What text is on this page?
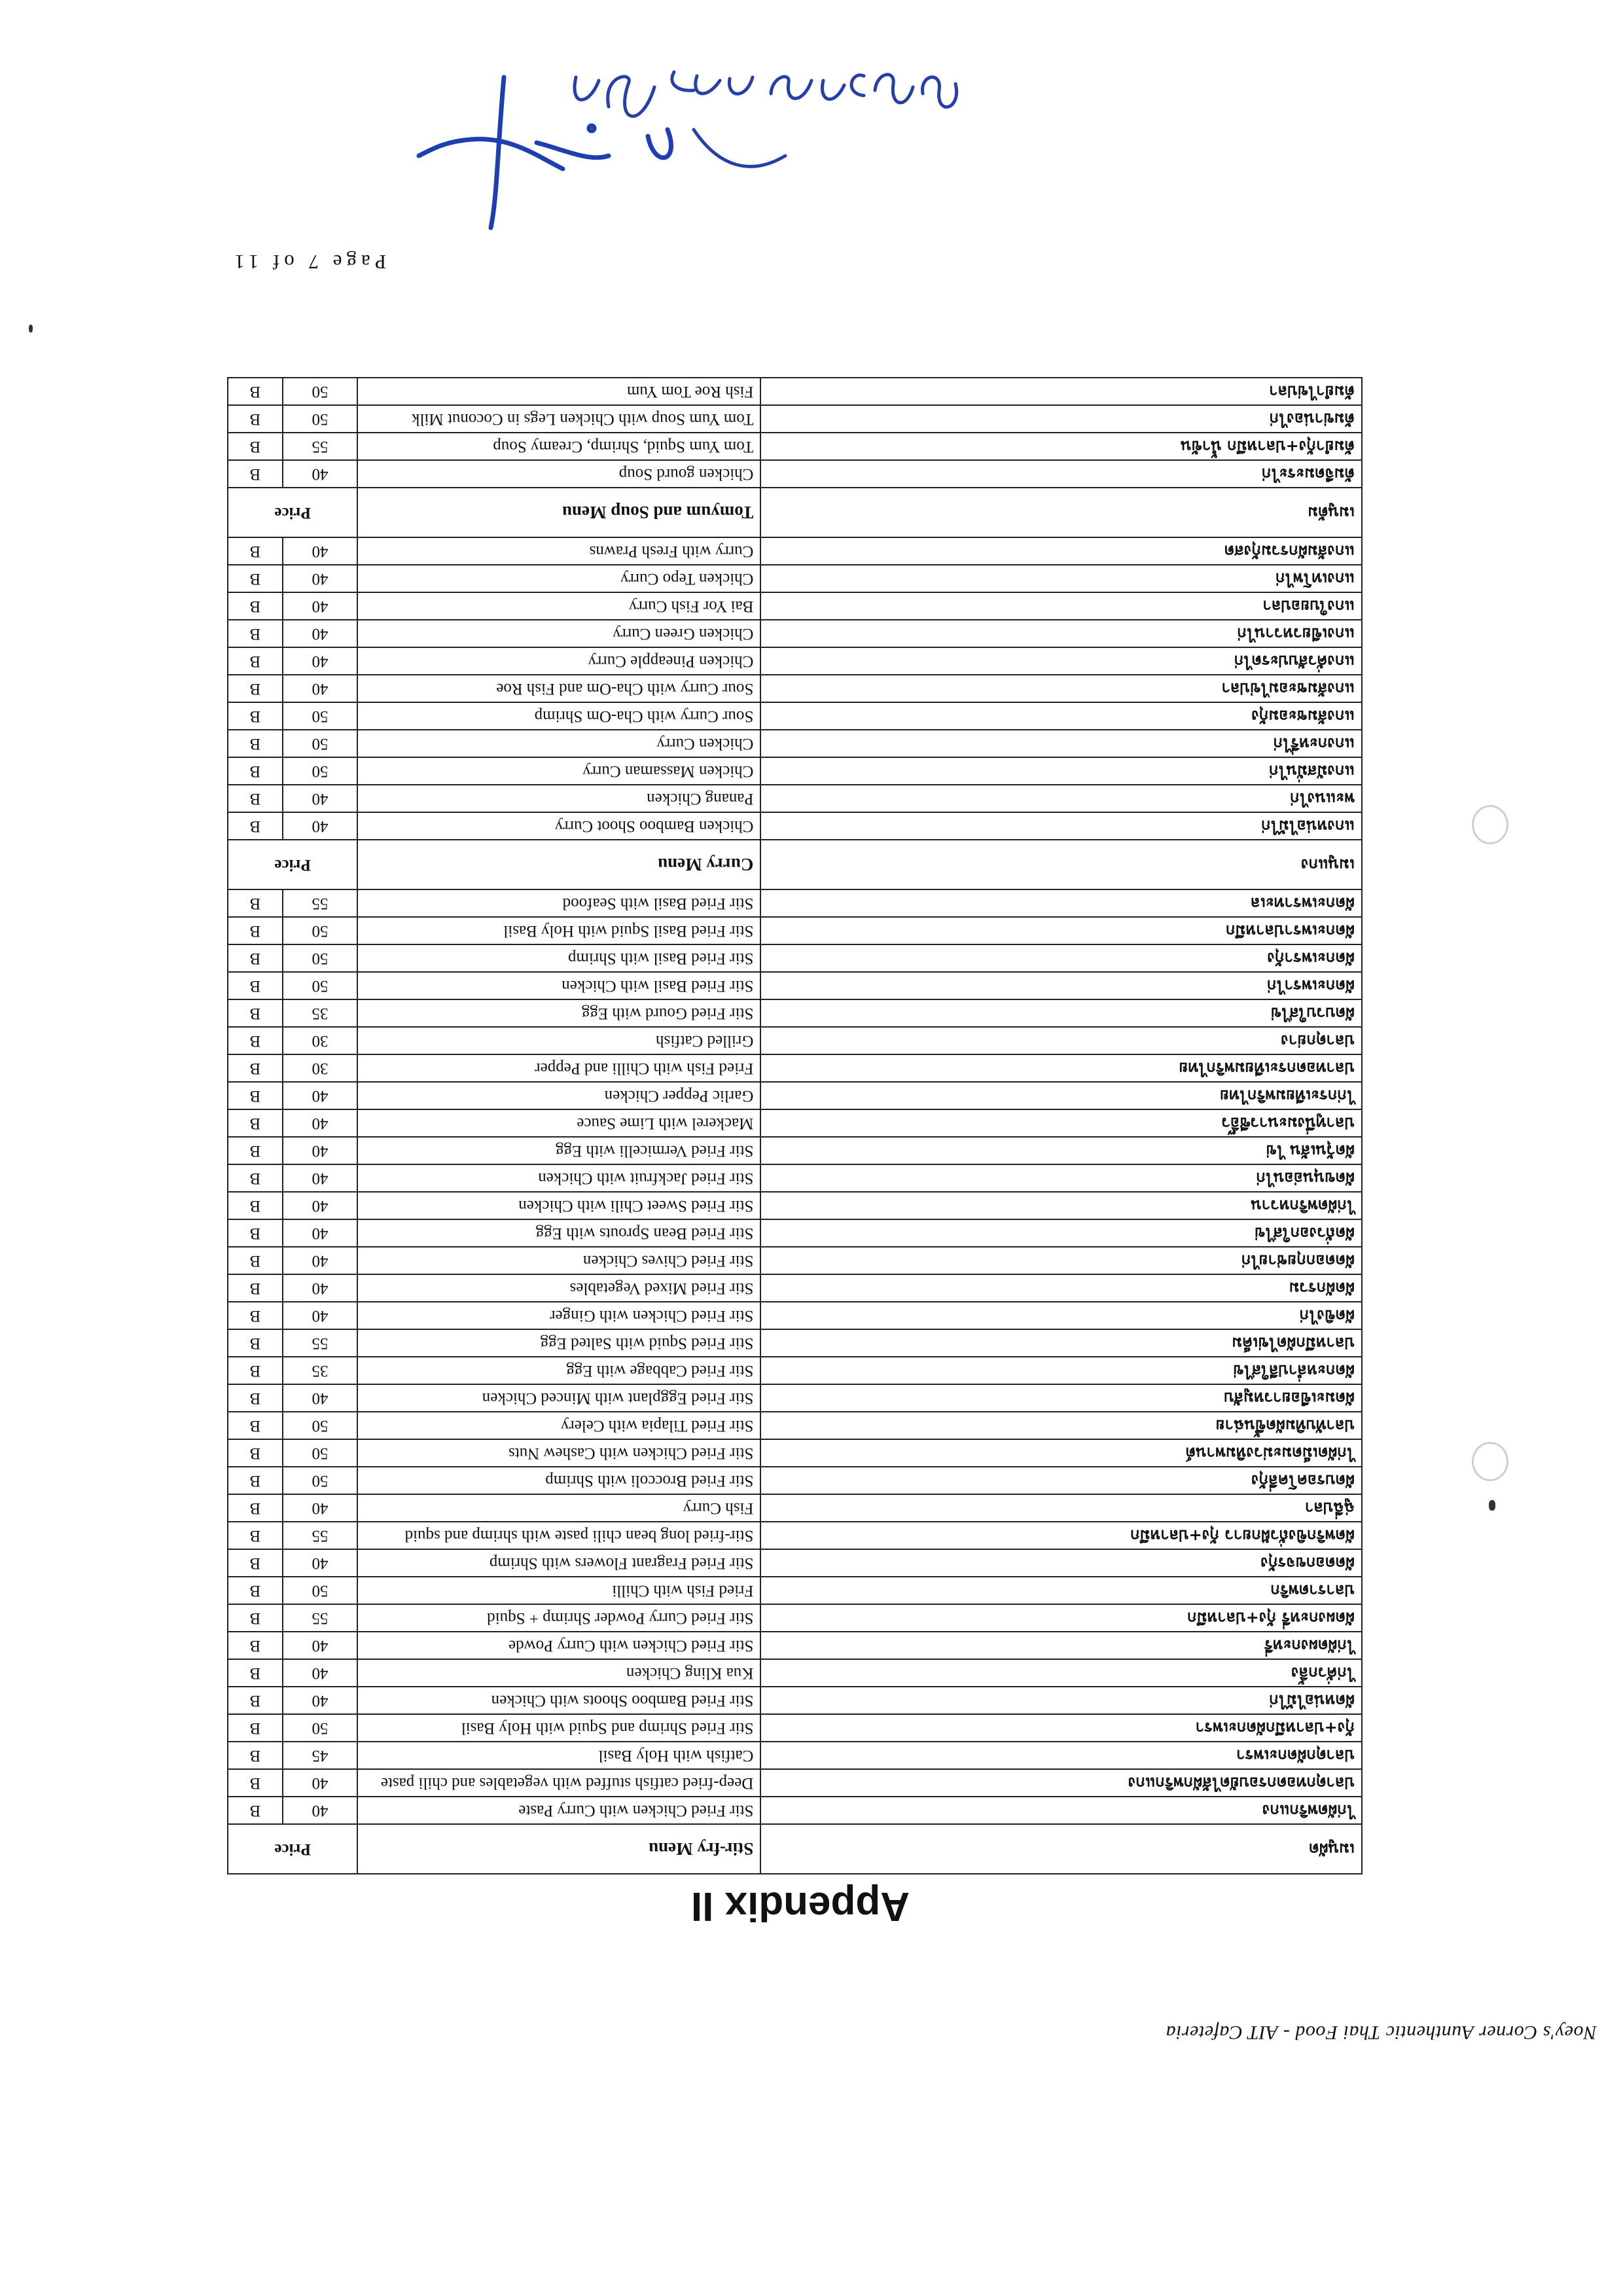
Noey's Corner Aunthentic Thai Food - AIT Cafeteria
Appendix II
เมนูผัด	Stir-fry Menu	Price	
ไก่ผัดพริกแกง	Stir Fried Chicken with Curry Paste	40	B
ปลาดุกทอดกรอบยัดไส้ผักพริกแกง	Deep-fried catfish stuffed with vegetables and chili paste	40	B
ปลาดุกผัดกะเพรา	Catfish with Holy Basil	45	B
กุ้ง+ปลาหมึกผัดกะเพรา	Stir Fried Shrimp and Squid with Holy Basil	50	B
ผัดหน่อไม้ไก่	Stir Fried Bamboo Shoots with Chicken	40	B
ไก่คั่วกลิ้ง	Kua Kling Chicken	40	B
ไก่ผัดผงกะหรี่	Stir Fried Chicken with Curry Powde	40	B
ผัดผงกะหรี่ กุ้ง+ปลาหมึก	Stir Fried Curry Powder Shrimp + Squid	55	B
ปลาราดพริก	Fried Fish with Chilli	50	B
ผัดดอกขจรกุ้ง	Stir Fried Fragrant Flowers with Shrimp	40	B
ผัดพริกขิงถั่วฝักยาว กุ้ง+ปลาหมึก	Stir-fried long bean chili paste with shrimp and squid	55	B
ฉู่ฉี่ปลา	Fish Curry	40	B
ผัดบรอคโคลี่กุ้ง	Stir Fried Broccoli with Shrimp	50	B
ไก่ผัดเม็ดมะม่วงหิมพานต์	Stir Fried Chicken with Cashew Nuts	50	B
ปลาทับทิมผัดขึ้นฉ่าย	Stir Fried Tilapia with Celery	50	B
ผัดมะเขือยาวหมูสับ	Stir Fried Eggplant with Minced Chicken	40	B
ผัดกะหล่ำปลีใส่ไข่	Stir Fried Cabbage with Egg	35	B
ปลาหมึกผัดไข่เค็ม	Stir Fried Squid with Salted Egg	55	B
ผัดขิงไก่	Stir Fried Chicken with Ginger	40	B
ผัดผักรวม	Stir Fried Mixed Vegetables	40	B
ผัดดอกกุยช่ายไก่	Stir Fried Chives Chicken	40	B
ผัดถั่วงอกใส่ไข่	Stir Fried Bean Sprouts with Egg	40	B
ไก่ผัดพริกหวาน	Stir Fried Sweet Chili with Chicken	40	B
ผัดขนุนอ่อนไก่	Stir Fried Jackfruit with Chicken	40	B
ผัดวุ้นเส้น ไข่	Stir Fried Vermicelli with Egg	40	B
ปลาทูนึ่งมะนาวซีอิ๊ว	Mackerel with Lime Sauce	40	B
ไก่กระเทียมพริกไทย	Garlic Pepper Chicken	40	B
ปลาทอดกระเทียมพริกไทย	Fried Fish with Chilli and Pepper	30	B
ปลาดุกย่าง	Grilled Catfish	30	B
ผัดบวบใส่ไข่	Stir Fried Gourd with Egg	35	B
ผัดกะเพราไก่	Stir Fried Basil with Chicken	50	B
ผัดกะเพรากุ้ง	Stir Fried Basil with Shrimp	50	B
ผัดกะเพราปลาหมึก	Stir Fried Basil Squid with Holy Basil	50	B
ผัดกะเพราทะเล	Stir Fried Basil with Seafood	55	B
เมนูแกง	Curry Menu	Price	
แกงหน่อไม้ไก่	Chicken Bamboo Shoot Curry	40	B
พะแนงไก่	Panang Chicken	40	B
แกงมัสมั่นไก่	Chicken Massaman Curry	50	B
แกงกะหรี่ไก่	Chicken Curry	50	B
แกงส้มชะอมกุ้ง	Sour Curry with Cha-Om Shrimp	50	B
แกงส้มชะอมไข่ปลา	Sour Curry with Cha-Om and Fish Roe	40	B
แกงคั่วสับปะรดไก่	Chicken Pineapple Curry	40	B
แกงเขียวหวานไก่	Chicken Green Curry	40	B
แกงใบยอปลา	Bai Yor Fish Curry	40	B
แกงเทโพไก่	Chicken Tepo Curry	40	B
แกงส้มผักรวมกุ้งสด	Curry with Fresh Prawns	40	B
เมนูต้ม	Tomyum and Soup Menu	Price	
ต้มจืดมะระไก่	Chicken gourd Soup	40	B
ต้มยำกุ้ง+ปลาหมึก น้ำข้น	Tom Yum Squid, Shrimp, Creamy Soup	55	B
ต้มข่าน่องไก่	Tom Yum Soup with Chicken Legs in Coconut Milk	50	B
ต้มยำไข่ปลา	Fish Roe Tom Yum	50	B
Page 7 of 11
